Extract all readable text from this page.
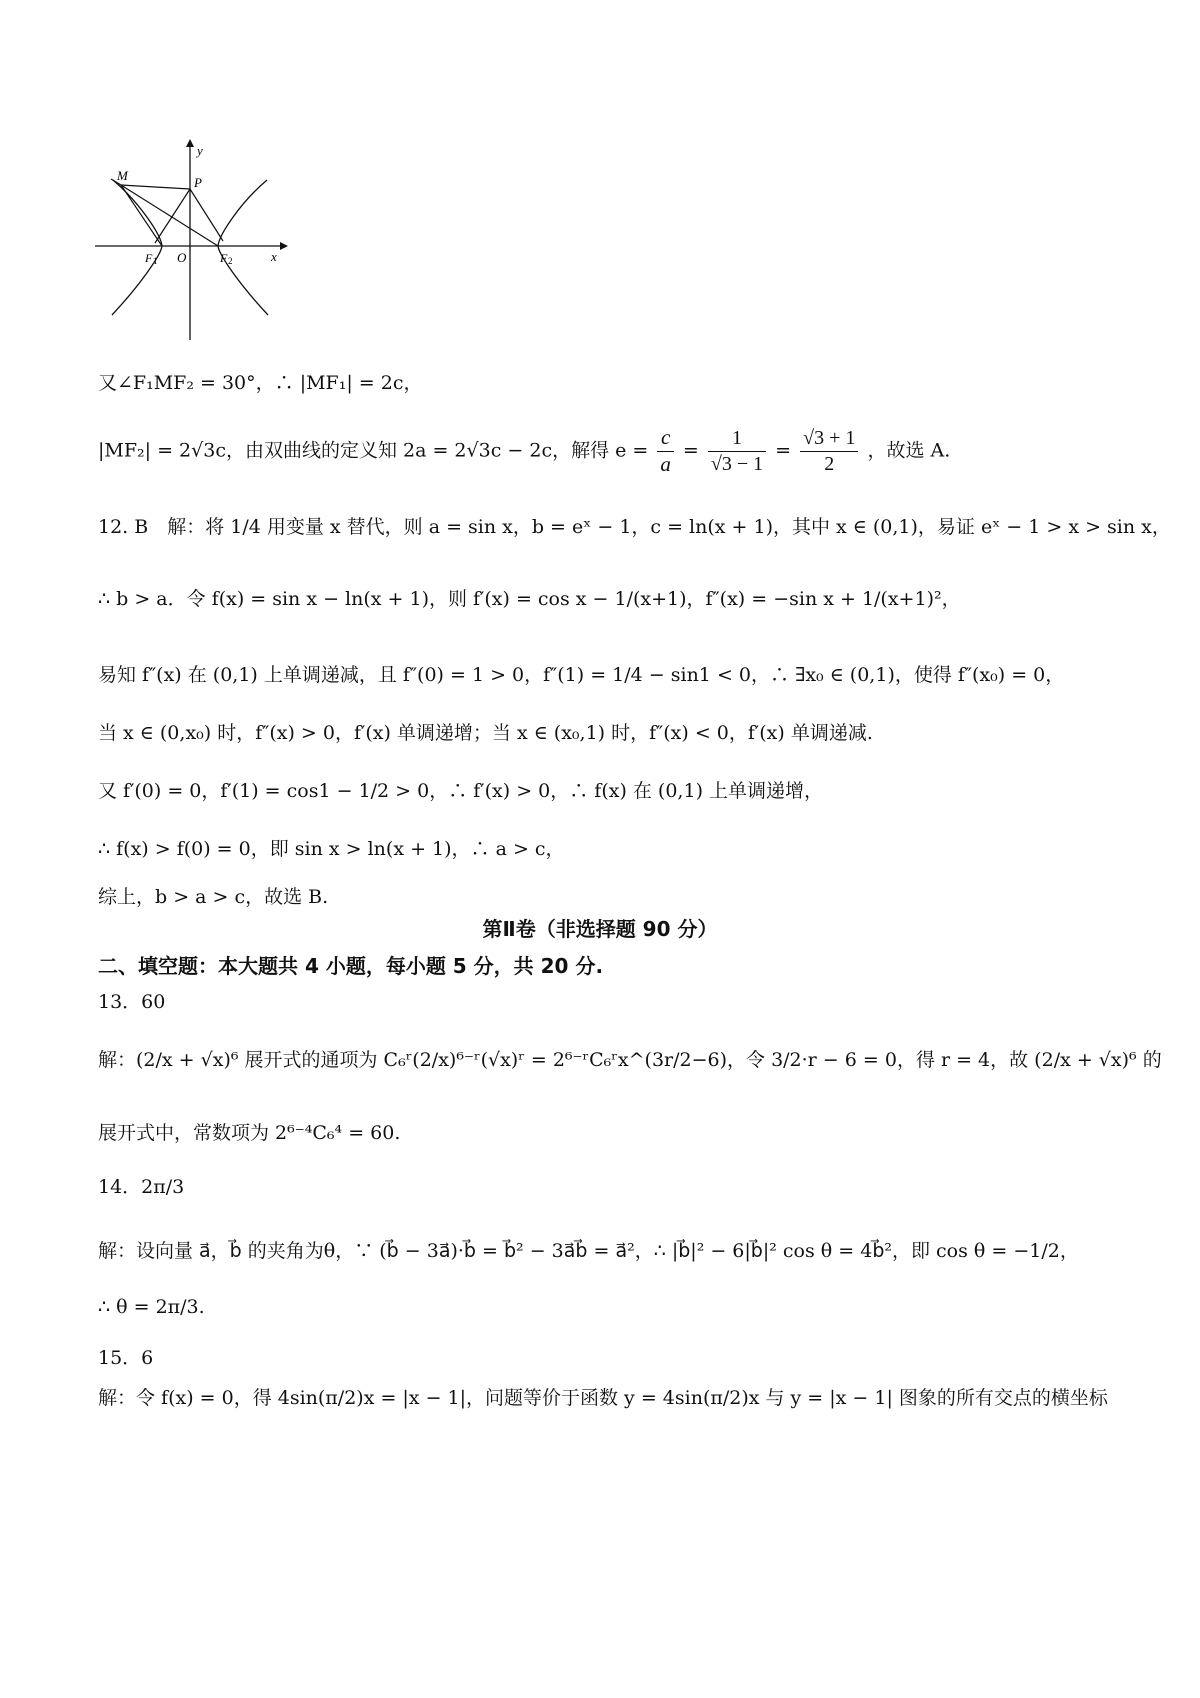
y
x
M	P
O
F 1	F 2
又∠F₁MF₂ = 30°，∴ |MF₁| = 2c，
|MF₂| = 2√3c，由双曲线的定义知 2a = 2√3c − 2c，解得 $e = \frac{c}{a} = \frac{1}{√3 - 1} = \frac{√3 + 1}{2}$ ，故选 A.
12. B　解：将 1/4 用变量 x 替代，则 a = sin x，b = eˣ − 1，c = ln(x + 1)，其中 x ∈ (0,1)，易证 eˣ − 1 > x > sin x，
∴ b > a．令 f(x) = sin x − ln(x + 1)，则 f′(x) = cos x − 1/(x+1)，f″(x) = −sin x + 1/(x+1)²，
易知 f″(x) 在 (0,1) 上单调递减，且 f″(0) = 1 > 0，f″(1) = 1/4 − sin1 < 0，∴ ∃x₀ ∈ (0,1)，使得 f″(x₀) = 0，
当 x ∈ (0,x₀) 时，f″(x) > 0，f′(x) 单调递增；当 x ∈ (x₀,1) 时，f″(x) < 0，f′(x) 单调递减.
又 f′(0) = 0，f′(1) = cos1 − 1/2 > 0，∴ f′(x) > 0，∴ f(x) 在 (0,1) 上单调递增，
∴ f(x) > f(0) = 0，即 sin x > ln(x + 1)，∴ a > c，
综上，b > a > c，故选 B.
第Ⅱ卷（非选择题 90 分）
二、填空题：本大题共 4 小题，每小题 5 分，共 20 分.
13．60
解：(2/x + √x)⁶ 展开式的通项为 C₆ʳ(2/x)⁶⁻ʳ(√x)ʳ = 2⁶⁻ʳC₆ʳx^(3r/2−6)，令 3/2·r − 6 = 0，得 r = 4，故 (2/x + √x)⁶ 的
展开式中，常数项为 2⁶⁻⁴C₆⁴ = 60.
14．2π/3
解：设向量 a⃗，b⃗ 的夹角为θ，∵ (b⃗ − 3a⃗)·b⃗ = b⃗² − 3a⃗b⃗ = a⃗²，∴ |b⃗|² − 6|b⃗|² cos θ = 4b⃗²，即 cos θ = −1/2，
∴ θ = 2π/3.
15．6
解：令 f(x) = 0，得 4sin(π/2)x = |x − 1|，问题等价于函数 y = 4sin(π/2)x 与 y = |x − 1| 图象的所有交点的横坐标
